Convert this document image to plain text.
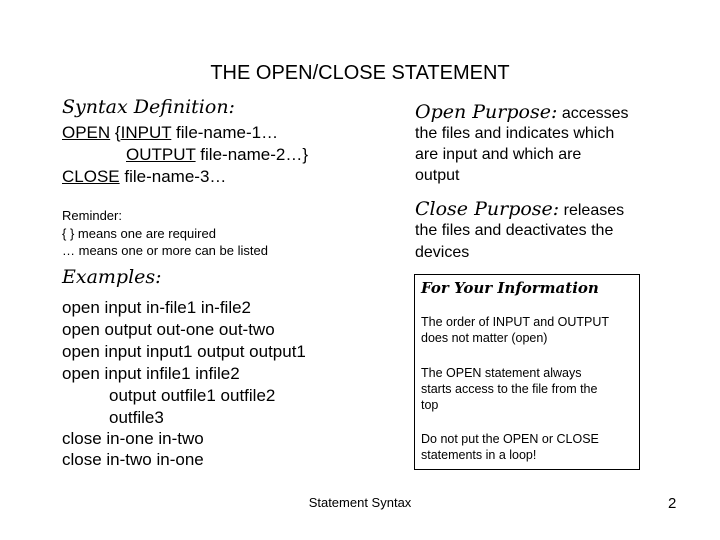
THE OPEN/CLOSE STATEMENT
Syntax Definition:
OPEN {INPUT file-name-1…
OUTPUT file-name-2…}
CLOSE file-name-3…
Reminder:
{ } means one are required
… means one or more can be listed
Examples:
open input in-file1 in-file2
open output out-one out-two
open input input1 output output1
open input infile1 infile2
output outfile1 outfile2
outfile3
close in-one in-two
close in-two in-one
Open Purpose: accesses
the files and indicates which
are input and which are
output
Close Purpose: releases
the files and deactivates the
devices
For Your Information
The order of INPUT and OUTPUT
does not matter (open)
The OPEN statement always
starts access to the file from the
top
Do not put the OPEN or CLOSE
statements in a loop!
Statement Syntax	2
